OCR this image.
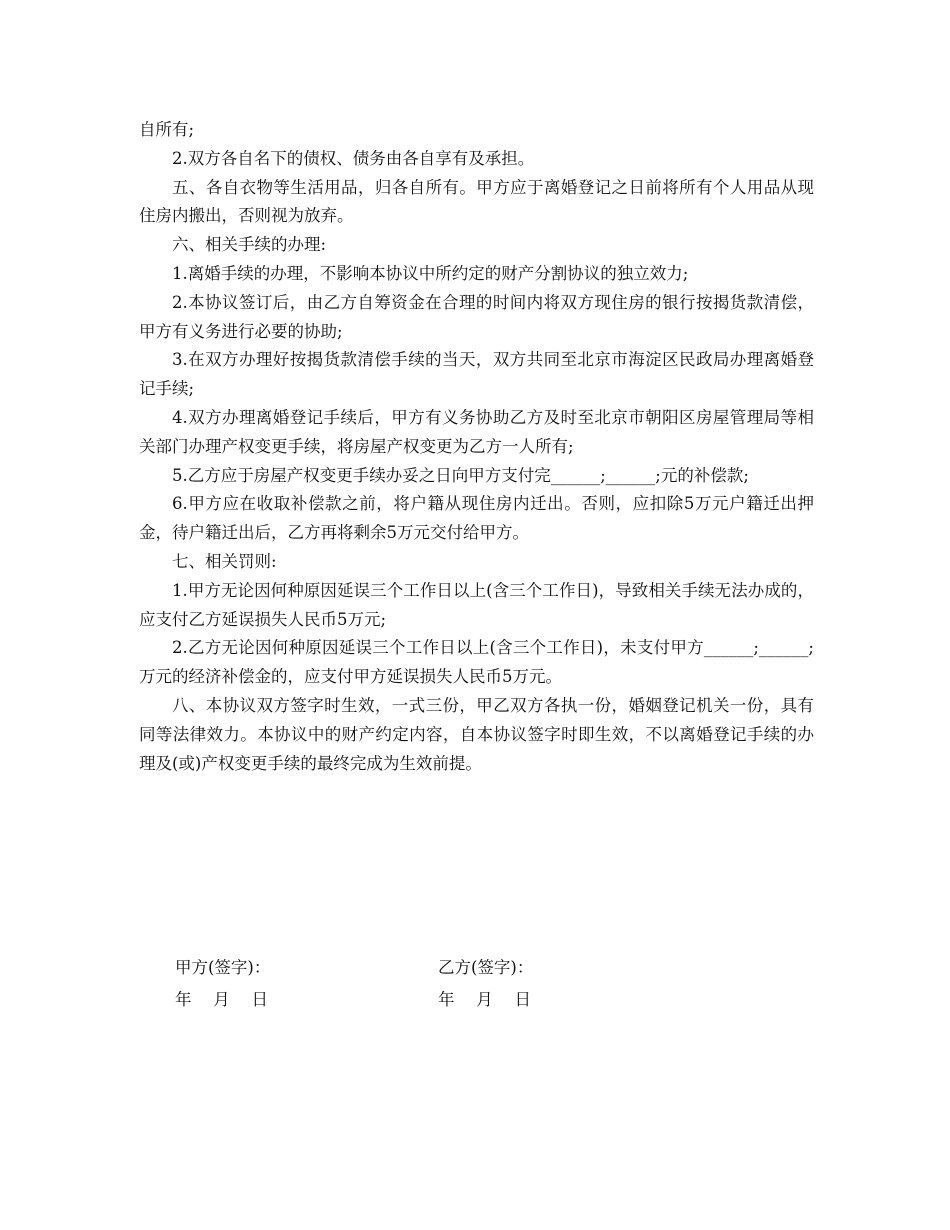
自所有;

2.双方各自名下的债权、债务由各自享有及承担。

五、各自衣物等生活用品，归各自所有。甲方应于离婚登记之日前将所有个人用品从现住房内搬出，否则视为放弃。

六、相关手续的办理:

1.离婚手续的办理，不影响本协议中所约定的财产分割协议的独立效力;

2.本协议签订后，由乙方自筹资金在合理的时间内将双方现住房的银行按揭货款清偿，甲方有义务进行必要的协助;

3.在双方办理好按揭货款清偿手续的当天，双方共同至北京市海淀区民政局办理离婚登记手续;

4.双方办理离婚登记手续后，甲方有义务协助乙方及时至北京市朝阳区房屋管理局等相关部门办理产权变更手续，将房屋产权变更为乙方一人所有;

5.乙方应于房屋产权变更手续办妥之日向甲方支付完______;______;元的补偿款;

6.甲方应在收取补偿款之前，将户籍从现住房内迁出。否则，应扣除5万元户籍迁出押金，待户籍迁出后，乙方再将剩余5万元交付给甲方。

七、相关罚则:

1.甲方无论因何种原因延误三个工作日以上(含三个工作日)，导致相关手续无法办成的，应支付乙方延误损失人民币5万元;

2.乙方无论因何种原因延误三个工作日以上(含三个工作日)，未支付甲方______;______;万元的经济补偿金的，应支付甲方延误损失人民币5万元。

八、本协议双方签字时生效，一式三份，甲乙双方各执一份，婚姻登记机关一份，具有同等法律效力。本协议中的财产约定内容，自本协议签字时即生效，不以离婚登记手续的办理及(或)产权变更手续的最终完成为生效前提。

甲方(签字)：	乙方(签字)：
年　 月　 日	年　 月　 日
